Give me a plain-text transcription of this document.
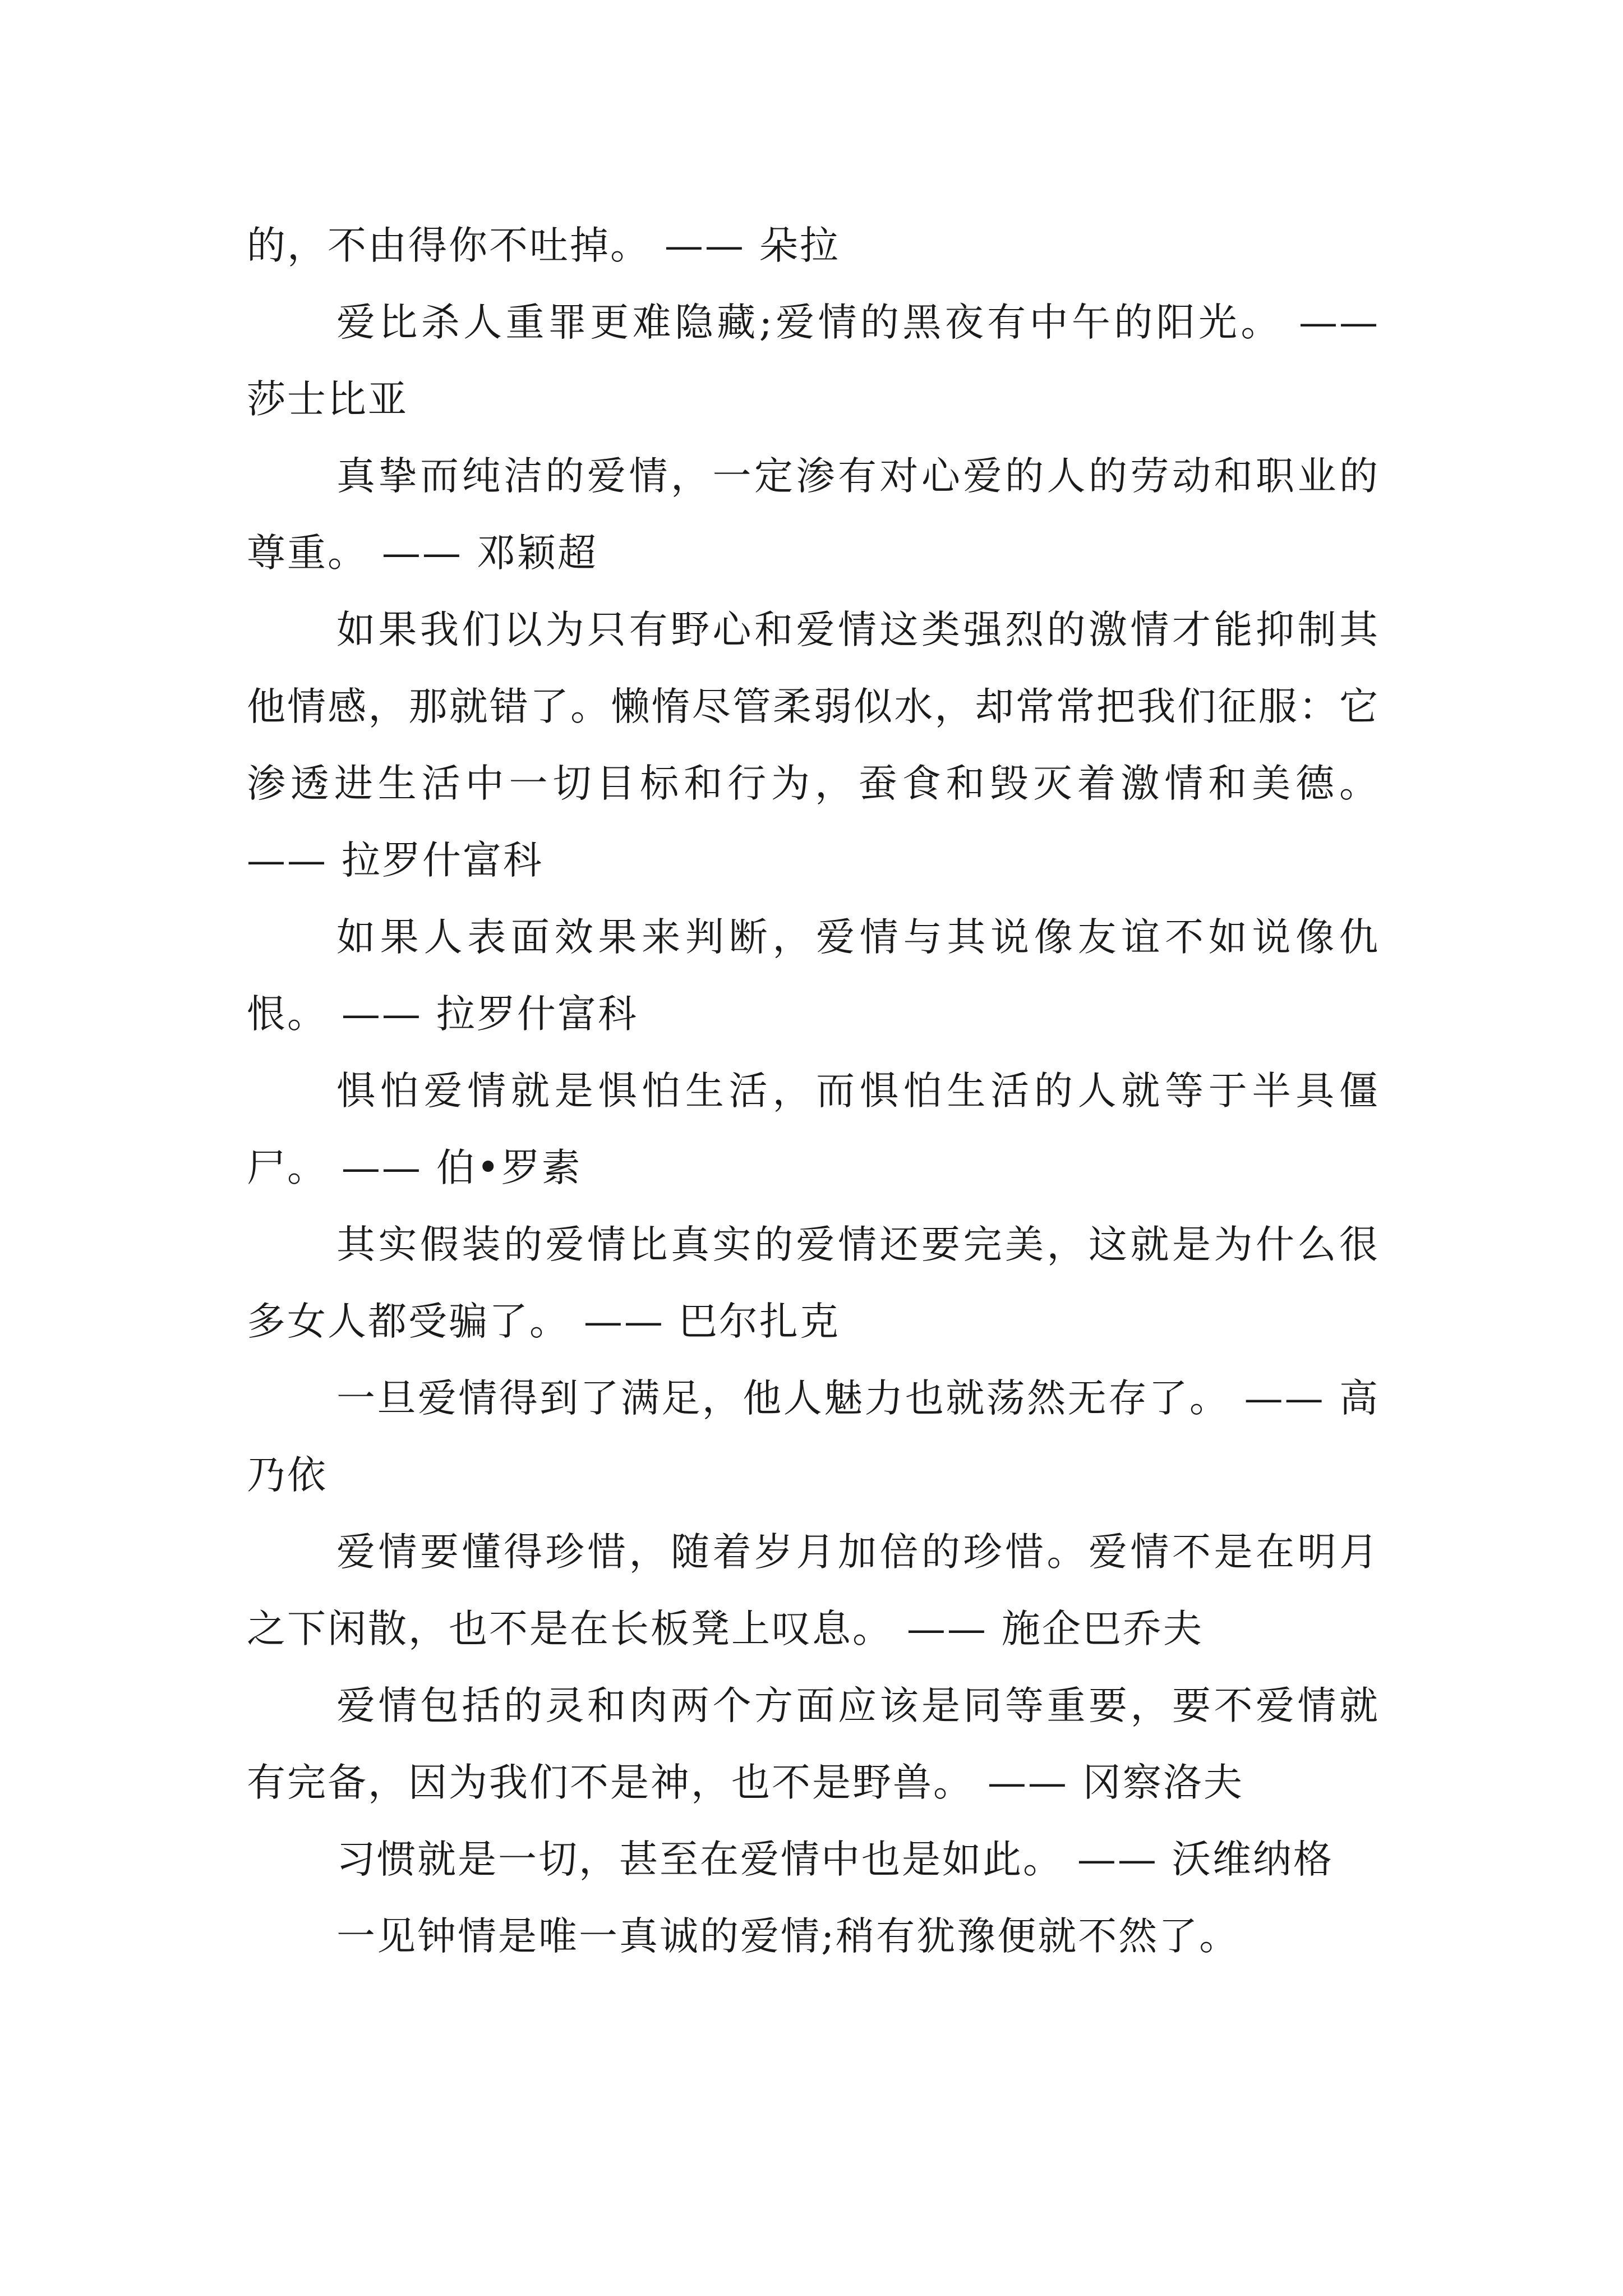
的，不由得你不吐掉。 —— 朵拉

爱比杀人重罪更难隐藏;爱情的黑夜有中午的阳光。 —— 莎士比亚

真挚而纯洁的爱情，一定渗有对心爱的人的劳动和职业的尊重。 —— 邓颖超

如果我们以为只有野心和爱情这类强烈的激情才能抑制其他情感，那就错了。懒惰尽管柔弱似水，却常常把我们征服：它渗透进生活中一切目标和行为，蚕食和毁灭着激情和美德。 —— 拉罗什富科

如果人表面效果来判断，爱情与其说像友谊不如说像仇恨。 —— 拉罗什富科

惧怕爱情就是惧怕生活，而惧怕生活的人就等于半具僵尸。 —— 伯•罗素

其实假装的爱情比真实的爱情还要完美，这就是为什么很多女人都受骗了。 —— 巴尔扎克

一旦爱情得到了满足，他人魅力也就荡然无存了。 —— 高乃依

爱情要懂得珍惜，随着岁月加倍的珍惜。爱情不是在明月之下闲散，也不是在长板凳上叹息。 —— 施企巴乔夫

爱情包括的灵和肉两个方面应该是同等重要，要不爱情就有完备，因为我们不是神，也不是野兽。 —— 冈察洛夫

习惯就是一切，甚至在爱情中也是如此。 —— 沃维纳格

一见钟情是唯一真诚的爱情;稍有犹豫便就不然了。
